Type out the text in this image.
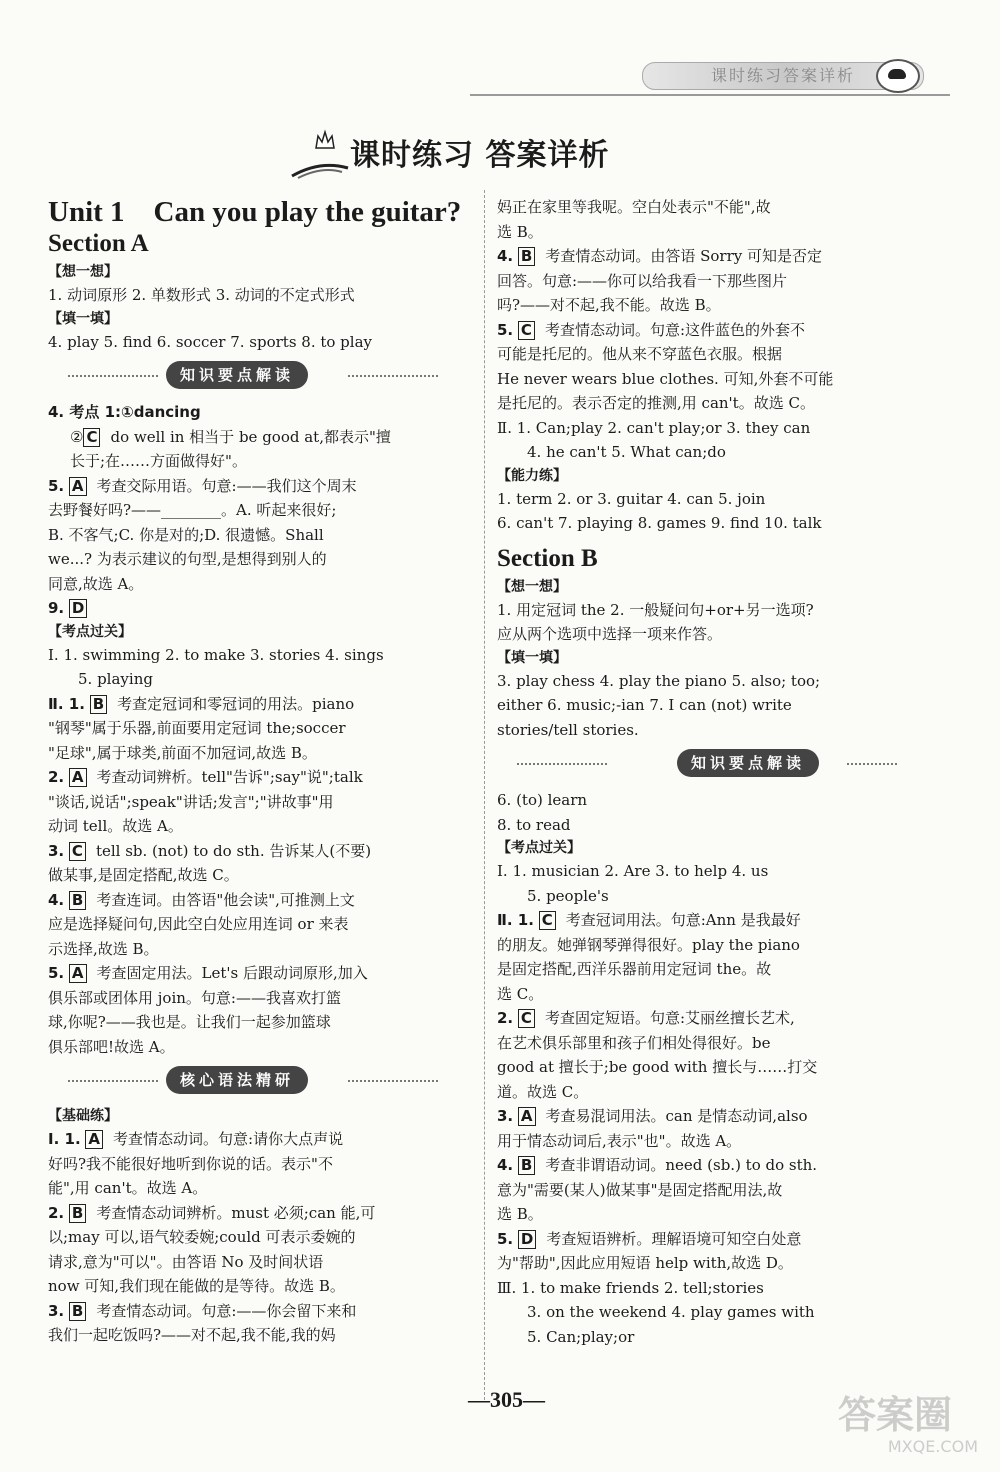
课时练习答案详析
课时练习 答案详析
Unit 1    Can you play the guitar?
Section A
【想一想】
1. 动词原形 2. 单数形式 3. 动词的不定式形式
【填一填】
4. play 5. find 6. soccer 7. sports 8. to play
知识要点解读
4. 考点 1:①dancing
② C do well in 相当于 be good at,都表示"擅
长于;在……方面做得好"。
5. A 考查交际用语。句意:——我们这个周末
去野餐好吗?——________。A. 听起来很好;
B. 不客气;C. 你是对的;D. 很遗憾。Shall
we...? 为表示建议的句型,是想得到别人的
同意,故选 A。
9. D
【考点过关】
Ⅰ. 1. swimming 2. to make 3. stories 4. sings
5. playing
Ⅱ. 1. B 考查定冠词和零冠词的用法。piano
"钢琴"属于乐器,前面要用定冠词 the;soccer
"足球",属于球类,前面不加冠词,故选 B。
2. A 考查动词辨析。tell"告诉";say"说";talk
"谈话,说话";speak"讲话;发言";"讲故事"用
动词 tell。故选 A。
3. C tell sb. (not) to do sth. 告诉某人(不要)
做某事,是固定搭配,故选 C。
4. B 考查连词。由答语"他会读",可推测上文
应是选择疑问句,因此空白处应用连词 or 来表
示选择,故选 B。
5. A 考查固定用法。Let's 后跟动词原形,加入
俱乐部或团体用 join。句意:——我喜欢打篮
球,你呢?——我也是。让我们一起参加篮球
俱乐部吧!故选 A。
核心语法精研
【基础练】
Ⅰ. 1. A 考查情态动词。句意:请你大点声说
好吗?我不能很好地听到你说的话。表示"不
能",用 can't。故选 A。
2. B 考查情态动词辨析。must 必须;can 能,可
以;may 可以,语气较委婉;could 可表示委婉的
请求,意为"可以"。由答语 No 及时间状语
now 可知,我们现在能做的是等待。故选 B。
3. B 考查情态动词。句意:——你会留下来和
我们一起吃饭吗?——对不起,我不能,我的妈
妈正在家里等我呢。空白处表示"不能",故
选 B。
4. B 考查情态动词。由答语 Sorry 可知是否定
回答。句意:——你可以给我看一下那些图片
吗?——对不起,我不能。故选 B。
5. C 考查情态动词。句意:这件蓝色的外套不
可能是托尼的。他从来不穿蓝色衣服。根据
He never wears blue clothes. 可知,外套不可能
是托尼的。表示否定的推测,用 can't。故选 C。
Ⅱ. 1. Can;play 2. can't play;or 3. they can
4. he can't 5. What can;do
【能力练】
1. term 2. or 3. guitar 4. can 5. join
6. can't 7. playing 8. games 9. find 10. talk
Section B
【想一想】
1. 用定冠词 the 2. 一般疑问句+or+另一选项?
应从两个选项中选择一项来作答。
【填一填】
3. play chess 4. play the piano 5. also; too;
either 6. music;-ian 7. I can (not) write
stories/tell stories.
知识要点解读
6. (to) learn
8. to read
【考点过关】
Ⅰ. 1. musician 2. Are 3. to help 4. us
5. people's
Ⅱ. 1. C 考查冠词用法。句意:Ann 是我最好
的朋友。她弹钢琴弹得很好。play the piano
是固定搭配,西洋乐器前用定冠词 the。故
选 C。
2. C 考查固定短语。句意:艾丽丝擅长艺术,
在艺术俱乐部里和孩子们相处得很好。be
good at 擅长于;be good with 擅长与……打交
道。故选 C。
3. A 考查易混词用法。can 是情态动词,also
用于情态动词后,表示"也"。故选 A。
4. B 考查非谓语动词。need (sb.) to do sth.
意为"需要(某人)做某事"是固定搭配用法,故
选 B。
5. D 考查短语辨析。理解语境可知空白处意
为"帮助",因此应用短语 help with,故选 D。
Ⅲ. 1. to make friends 2. tell;stories
3. on the weekend 4. play games with
5. Can;play;or
—305—	答案圈
MXQE.COM
